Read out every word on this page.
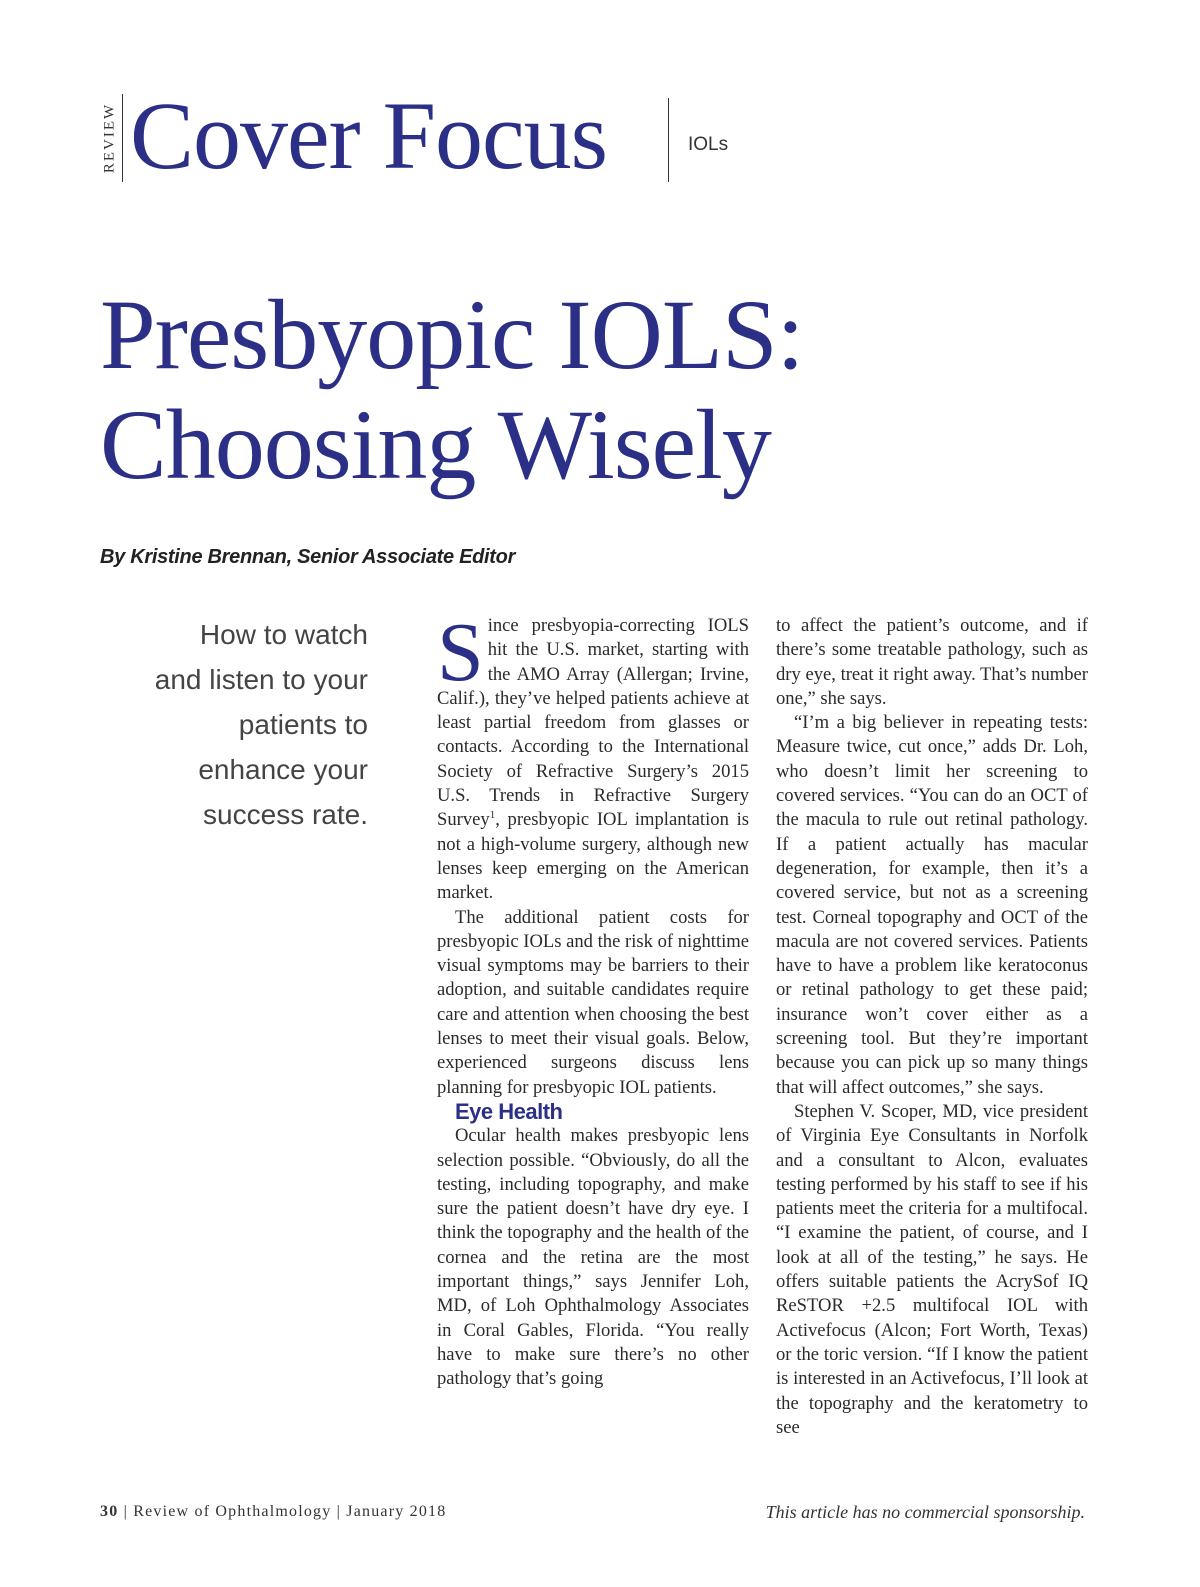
REVIEW Cover Focus	IOLs
Presbyopic IOLS:
Choosing Wisely
By Kristine Brennan, Senior Associate Editor
How to watch and listen to your patients to enhance your success rate.

Since presbyopia-correcting IOLS hit the U.S. market, starting with the AMO Array (Allergan; Irvine, Calif.), they’ve helped patients achieve at least partial freedom from glasses or contacts. According to the International Society of Refractive Surgery’s 2015 U.S. Trends in Refractive Surgery Survey$^1$, presbyopic IOL implantation is not a high-volume surgery, although new lenses keep emerging on the American market.

The additional patient costs for presbyopic IOLs and the risk of nighttime visual symptoms may be barriers to their adoption, and suitable candidates require care and attention when choosing the best lenses to meet their visual goals. Below, experienced surgeons discuss lens planning for presbyopic IOL patients.

Eye Health

Ocular health makes presbyopic lens selection possible. “Obviously, do all the testing, including topography, and make sure the patient doesn’t have dry eye. I think the topography and the health of the cornea and the retina are the most important things,” says Jennifer Loh, MD, of Loh Ophthalmology Associates in Coral Gables, Florida. “You really have to make sure there’s no other pathology that’s going

to affect the patient’s outcome, and if there’s some treatable pathology, such as dry eye, treat it right away. That’s number one,” she says.

“I’m a big believer in repeating tests: Measure twice, cut once,” adds Dr. Loh, who doesn’t limit her screening to covered services. “You can do an OCT of the macula to rule out retinal pathology. If a patient actually has macular degeneration, for example, then it’s a covered service, but not as a screening test. Corneal topography and OCT of the macula are not covered services. Patients have to have a problem like keratoconus or retinal pathology to get these paid; insurance won’t cover either as a screening tool. But they’re important because you can pick up so many things that will affect outcomes,” she says.

Stephen V. Scoper, MD, vice president of Virginia Eye Consultants in Norfolk and a consultant to Alcon, evaluates testing performed by his staff to see if his patients meet the criteria for a multifocal. “I examine the patient, of course, and I look at all of the testing,” he says. He offers suitable patients the AcrySof IQ ReSTOR +2.5 multifocal IOL with Activefocus (Alcon; Fort Worth, Texas) or the toric version. “If I know the patient is interested in an Activefocus, I’ll look at the topography and the keratometry to see

30 | Review of Ophthalmology | January 2018	This article has no commercial sponsorship.
